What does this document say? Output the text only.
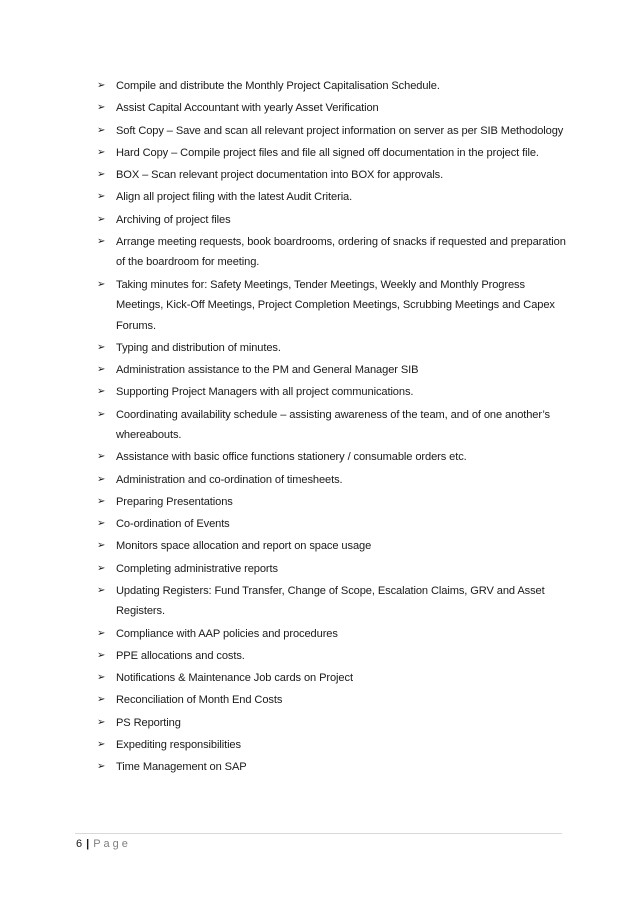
➢ Compile and distribute the Monthly Project Capitalisation Schedule.
➢ Assist Capital Accountant with yearly Asset Verification
➢ Soft Copy – Save and scan all relevant project information on server as per SIB Methodology
➢ Hard Copy – Compile project files and file all signed off documentation in the project file.
➢ BOX – Scan relevant project documentation into BOX for approvals.
➢ Align all project filing with the latest Audit Criteria.
➢ Archiving of project files
➢ Arrange meeting requests, book boardrooms, ordering of snacks if requested and preparation of the boardroom for meeting.
➢ Taking minutes for: Safety Meetings, Tender Meetings, Weekly and Monthly Progress Meetings, Kick-Off Meetings, Project Completion Meetings, Scrubbing Meetings and Capex Forums.
➢ Typing and distribution of minutes.
➢ Administration assistance to the PM and General Manager SIB
➢ Supporting Project Managers with all project communications.
➢ Coordinating availability schedule – assisting awareness of the team, and of one another’s whereabouts.
➢ Assistance with basic office functions stationery / consumable orders etc.
➢ Administration and co-ordination of timesheets.
➢ Preparing Presentations
➢ Co-ordination of Events
➢ Monitors space allocation and report on space usage
➢ Completing administrative reports
➢ Updating Registers: Fund Transfer, Change of Scope, Escalation Claims, GRV and Asset Registers.
➢ Compliance with AAP policies and procedures
➢ PPE allocations and costs.
➢ Notifications & Maintenance Job cards on Project
➢ Reconciliation of Month End Costs
➢ PS Reporting
➢ Expediting responsibilities
➢ Time Management on SAP
6 | Page
